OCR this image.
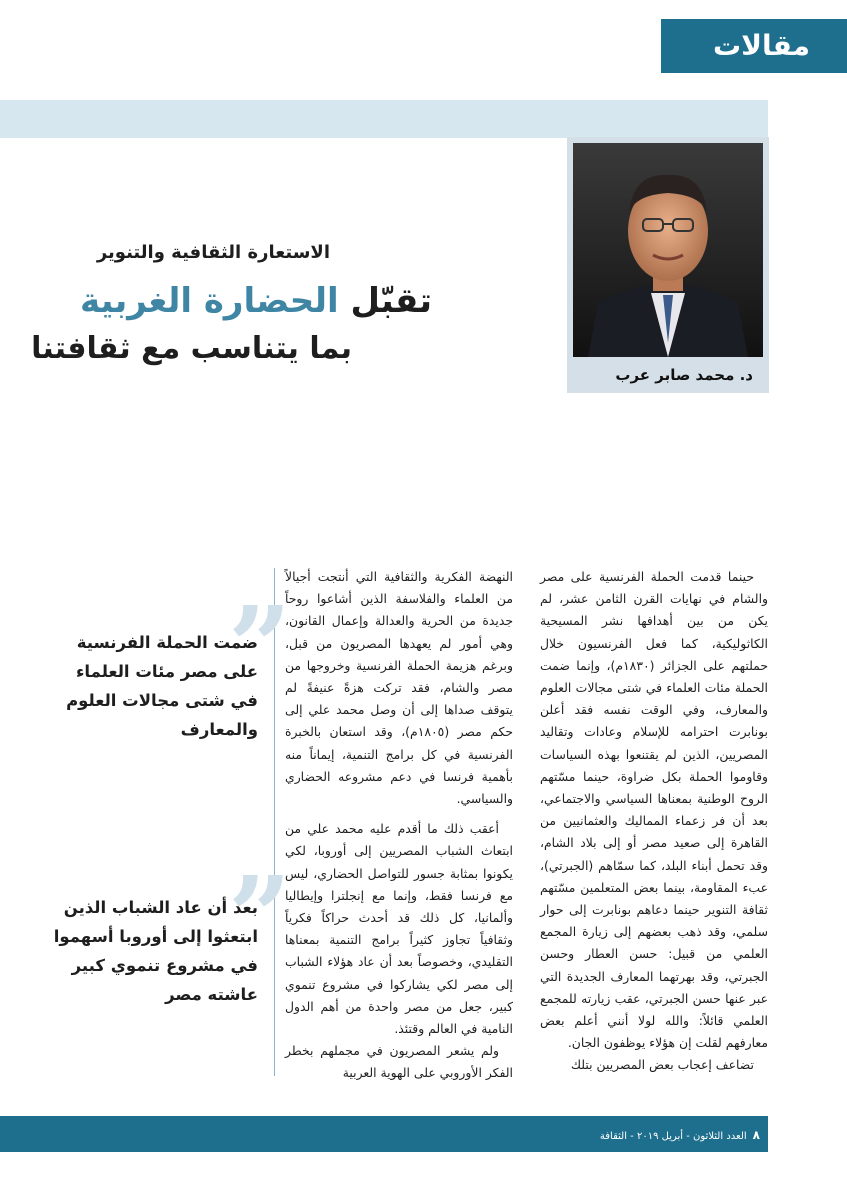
مقالات
د. محمد صابر عرب
الاستعارة الثقافية والتنوير
تقبّل الحضارة الغربية
بما يتناسب مع ثقافتنا

حينما قدمت الحملة الفرنسية على مصر والشام في نهايات القرن الثامن عشر، لم يكن من بين أهدافها نشر المسيحية الكاثوليكية، كما فعل الفرنسيون خلال حملتهم على الجزائر (١٨٣٠م)، وإنما ضمت الحملة مئات العلماء في شتى مجالات العلوم والمعارف، وفي الوقت نفسه فقد أعلن بونابرت احترامه للإسلام وعادات وتقاليد المصريين، الذين لم يقتنعوا بهذه السياسات وقاوموا الحملة بكل ضراوة، حينما مسّتهم الروح الوطنية بمعناها السياسي والاجتماعي، بعد أن فر زعماء المماليك والعثمانيين من القاهرة إلى صعيد مصر أو إلى بلاد الشام، وقد تحمل أبناء البلد، كما سمّاهم (الجبرتي)، عبء المقاومة، بينما بعض المتعلمين مسّتهم ثقافة التنوير حينما دعاهم بونابرت إلى حوار سلمي، وقد ذهب بعضهم إلى زيارة المجمع العلمي من قبيل: حسن العطار وحسن الجبرتي، وقد بهرتهما المعارف الجديدة التي عبر عنها حسن الجبرتي، عقب زيارته للمجمع العلمي قائلاً: والله لولا أنني أعلم بعض معارفهم لقلت إن هؤلاء يوظفون الجان.

تضاعف إعجاب بعض المصريين بتلك

النهضة الفكرية والثقافية التي أنتجت أجيالاً من العلماء والفلاسفة الذين أشاعوا روحاً جديدة من الحرية والعدالة وإعمال القانون، وهي أمور لم يعهدها المصريون من قبل، وبرغم هزيمة الحملة الفرنسية وخروجها من مصر والشام، فقد تركت هزةً عنيفةً لم يتوقف صداها إلى أن وصل محمد علي إلى حكم مصر (١٨٠٥م)، وقد استعان بالخبرة الفرنسية في كل برامج التنمية، إيماناً منه بأهمية فرنسا في دعم مشروعه الحضاري والسياسي.

أعقب ذلك ما أقدم عليه محمد علي من ابتعاث الشباب المصريين إلى أوروبا، لكي يكونوا بمثابة جسور للتواصل الحضاري، ليس مع فرنسا فقط، وإنما مع إنجلترا وإيطاليا وألمانيا، كل ذلك قد أحدث حراكاً فكرياً وثقافياً تجاوز كثيراً برامج التنمية بمعناها التقليدي، وخصوصاً بعد أن عاد هؤلاء الشباب إلى مصر لكي يشاركوا في مشروع تنموي كبير، جعل من مصر واحدة من أهم الدول النامية في العالم وقتئذ.

ولم يشعر المصريون في مجملهم بخطر الفكر الأوروبي على الهوية العربية

”
ضمت الحملة الفرنسية على مصر مئات العلماء في شتى مجالات العلوم والمعارف
”
بعد أن عاد الشباب الذين ابتعثوا إلى أوروبا أسهموا في مشروع تنموي كبير عاشته مصر
٨العدد الثلاثون - أبريل ٢٠١٩ - الثقافة
